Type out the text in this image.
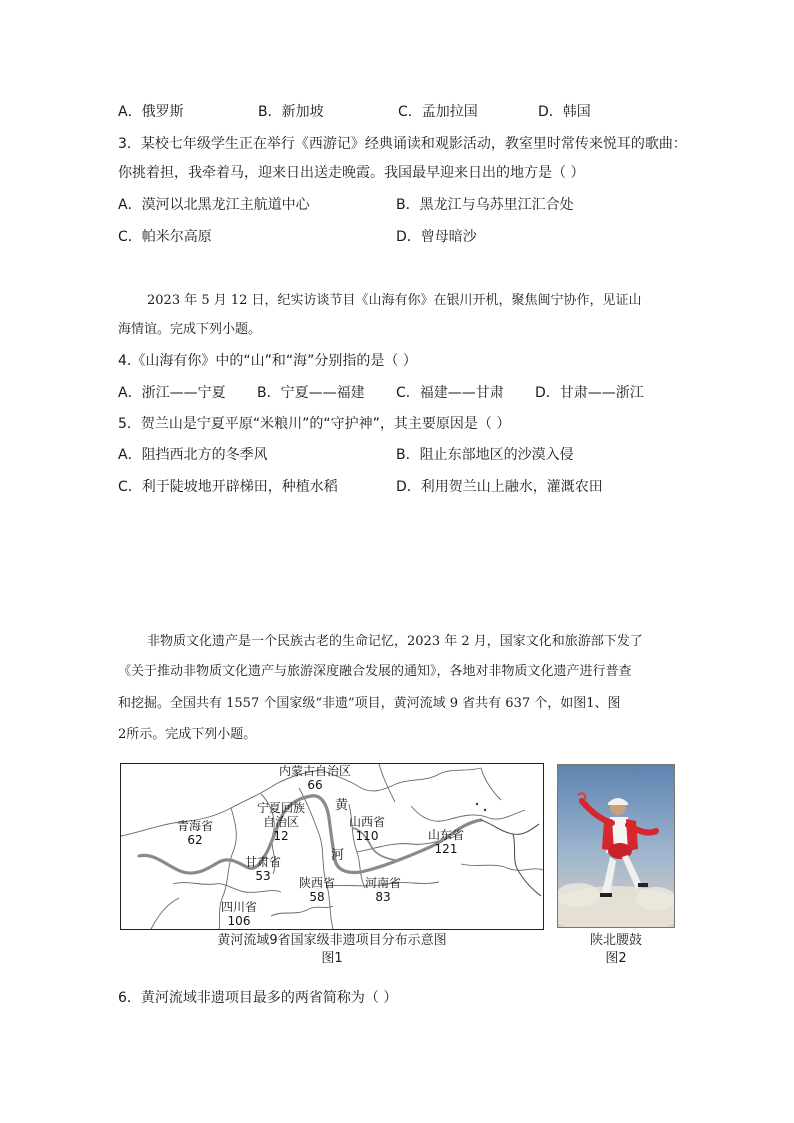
A．俄罗斯	B．新加坡	C．孟加拉国	D．韩国
3．某校七年级学生正在举行《西游记》经典诵读和观影活动，教室里时常传来悦耳的歌曲：
你挑着担，我牵着马，迎来日出送走晚霞。我国最早迎来日出的地方是（ ）
A．漠河以北黑龙江主航道中心	B．黑龙江与乌苏里江汇合处
C．帕米尔高原	D．曾母暗沙
2023 年 5 月 12 日，纪实访谈节目《山海有你》在银川开机，聚焦闽宁协作，见证山
海情谊。完成下列小题。
4.《山海有你》中的“山”和“海”分别指的是（ ）
A．浙江——宁夏	B．宁夏——福建	C．福建——甘肃	D．甘肃——浙江
5．贺兰山是宁夏平原“米粮川”的“守护神”，其主要原因是（ ）
A．阻挡西北方的冬季风	B．阻止东部地区的沙漠入侵
C．利于陡坡地开辟梯田，种植水稻	D．利用贺兰山上融水，灌溉农田
非物质文化遗产是一个民族古老的生命记忆，2023 年 2 月，国家文化和旅游部下发了
《关于推动非物质文化遗产与旅游深度融合发展的通知》，各地对非物质文化遗产进行普查
和挖掘。全国共有 1557 个国家级“非遗”项目，黄河流域 9 省共有 637 个，如图1、图
2所示。完成下列小题。
内蒙古自治区
66
宁夏回族
自治区
12
青海省
62
甘肃省
53
山西省
110	山东省
121
陕西省
58
河南省
83
四川省
106
黄
河
黄河流域9省国家级非遗项目分布示意图
图1
陕北腰鼓
图2
6．黄河流域非遗项目最多的两省简称为（ ）
